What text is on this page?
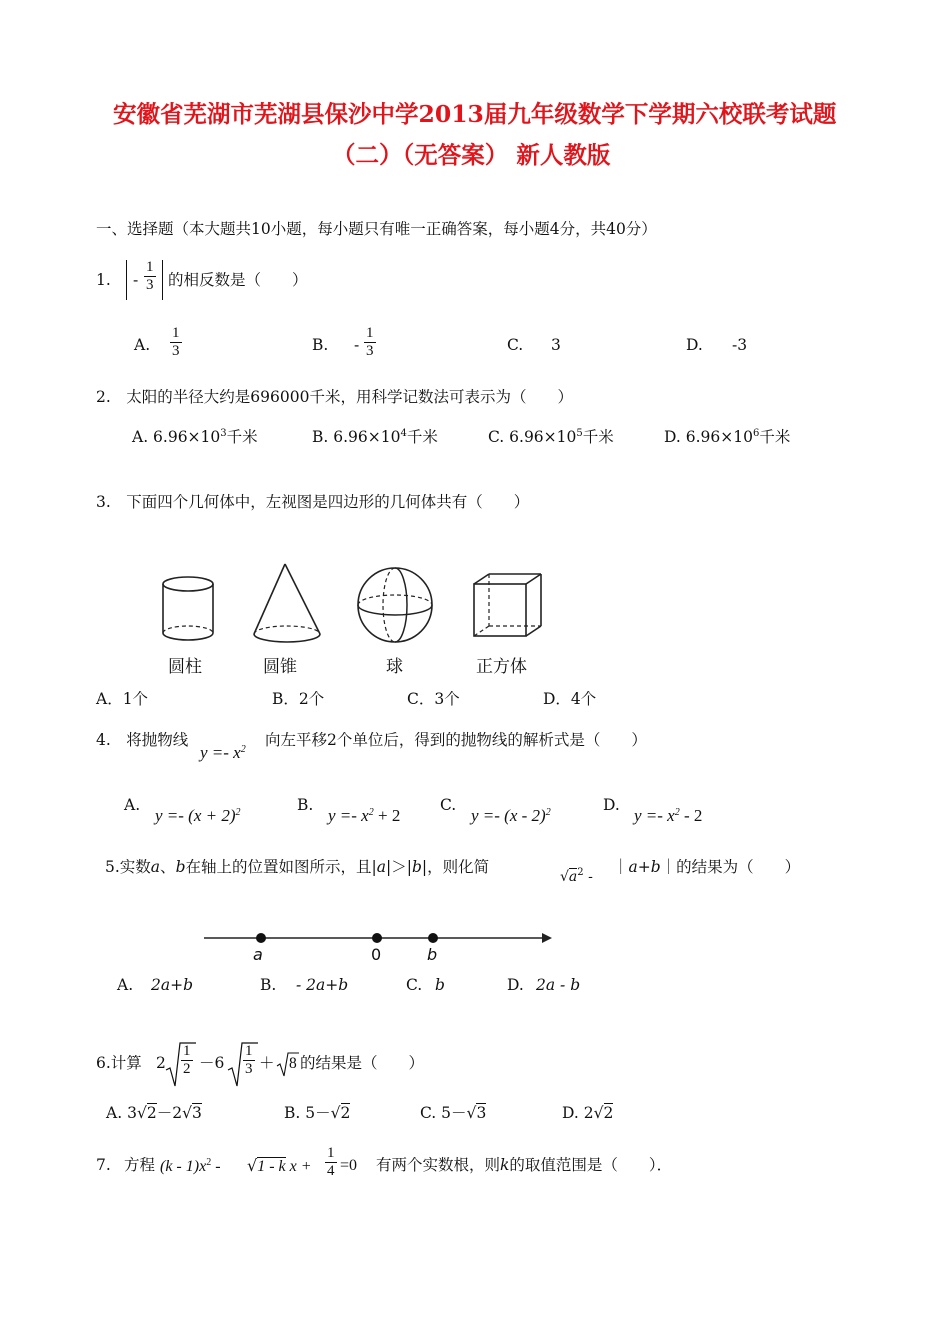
安徽省芜湖市芜湖县保沙中学2013届九年级数学下学期六校联考试题
（二）（无答案） 新人教版
一、选择题（本大题共10小题，每小题只有唯一正确答案，每小题4分，共40分）
1. - $\frac{1}{3}$ 的相反数是（　　）
A. $\frac{1}{3}$	B. - $\frac{1}{3}$	C. 3	D. -3
2.　太阳的半径大约是696000千米，用科学记数法可表示为（　　）
A. $6.96\times 10^3$千米	B. $6.96\times 10^4$千米	C. $6.96\times 10^5$千米	D. $6.96\times 10^6$千米
3.　下面四个几何体中，左视图是四边形的几何体共有（　　）
圆柱	圆锥	球	正方体
A．1个	B．2个	C．3个	D．4个
4.　将抛物线
$y =- x^2$
向左平移2个单位后，得到的抛物线的解析式是（　　）
A.
$y =- (x + 2)^2$	B.
$y =- x^2 + 2$
C.
y =- (x - 2)$^2$	D.
$y =- x^2 - 2$
5.实数a、b在轴上的位置如图所示，且|a|＞|b|，则化简
$√a^2$ -
｜a+b｜的结果为（　　）
a	0	b
A. 2a+b	B. - 2a+b	C. b	D. 2a - b
6.计算 $2 \frac{1}{2} -6 \frac{1}{3} + 8$ 的结果是（　　）
A. 3√2－2√3	B. 5－√2	C. 5－√3	D. 2√2
7. 方程 $(k - 1)x^2 - √1$ - k $x + \frac{1}{4} =0$ 有两个实数根，则k的取值范围是（　　）．
